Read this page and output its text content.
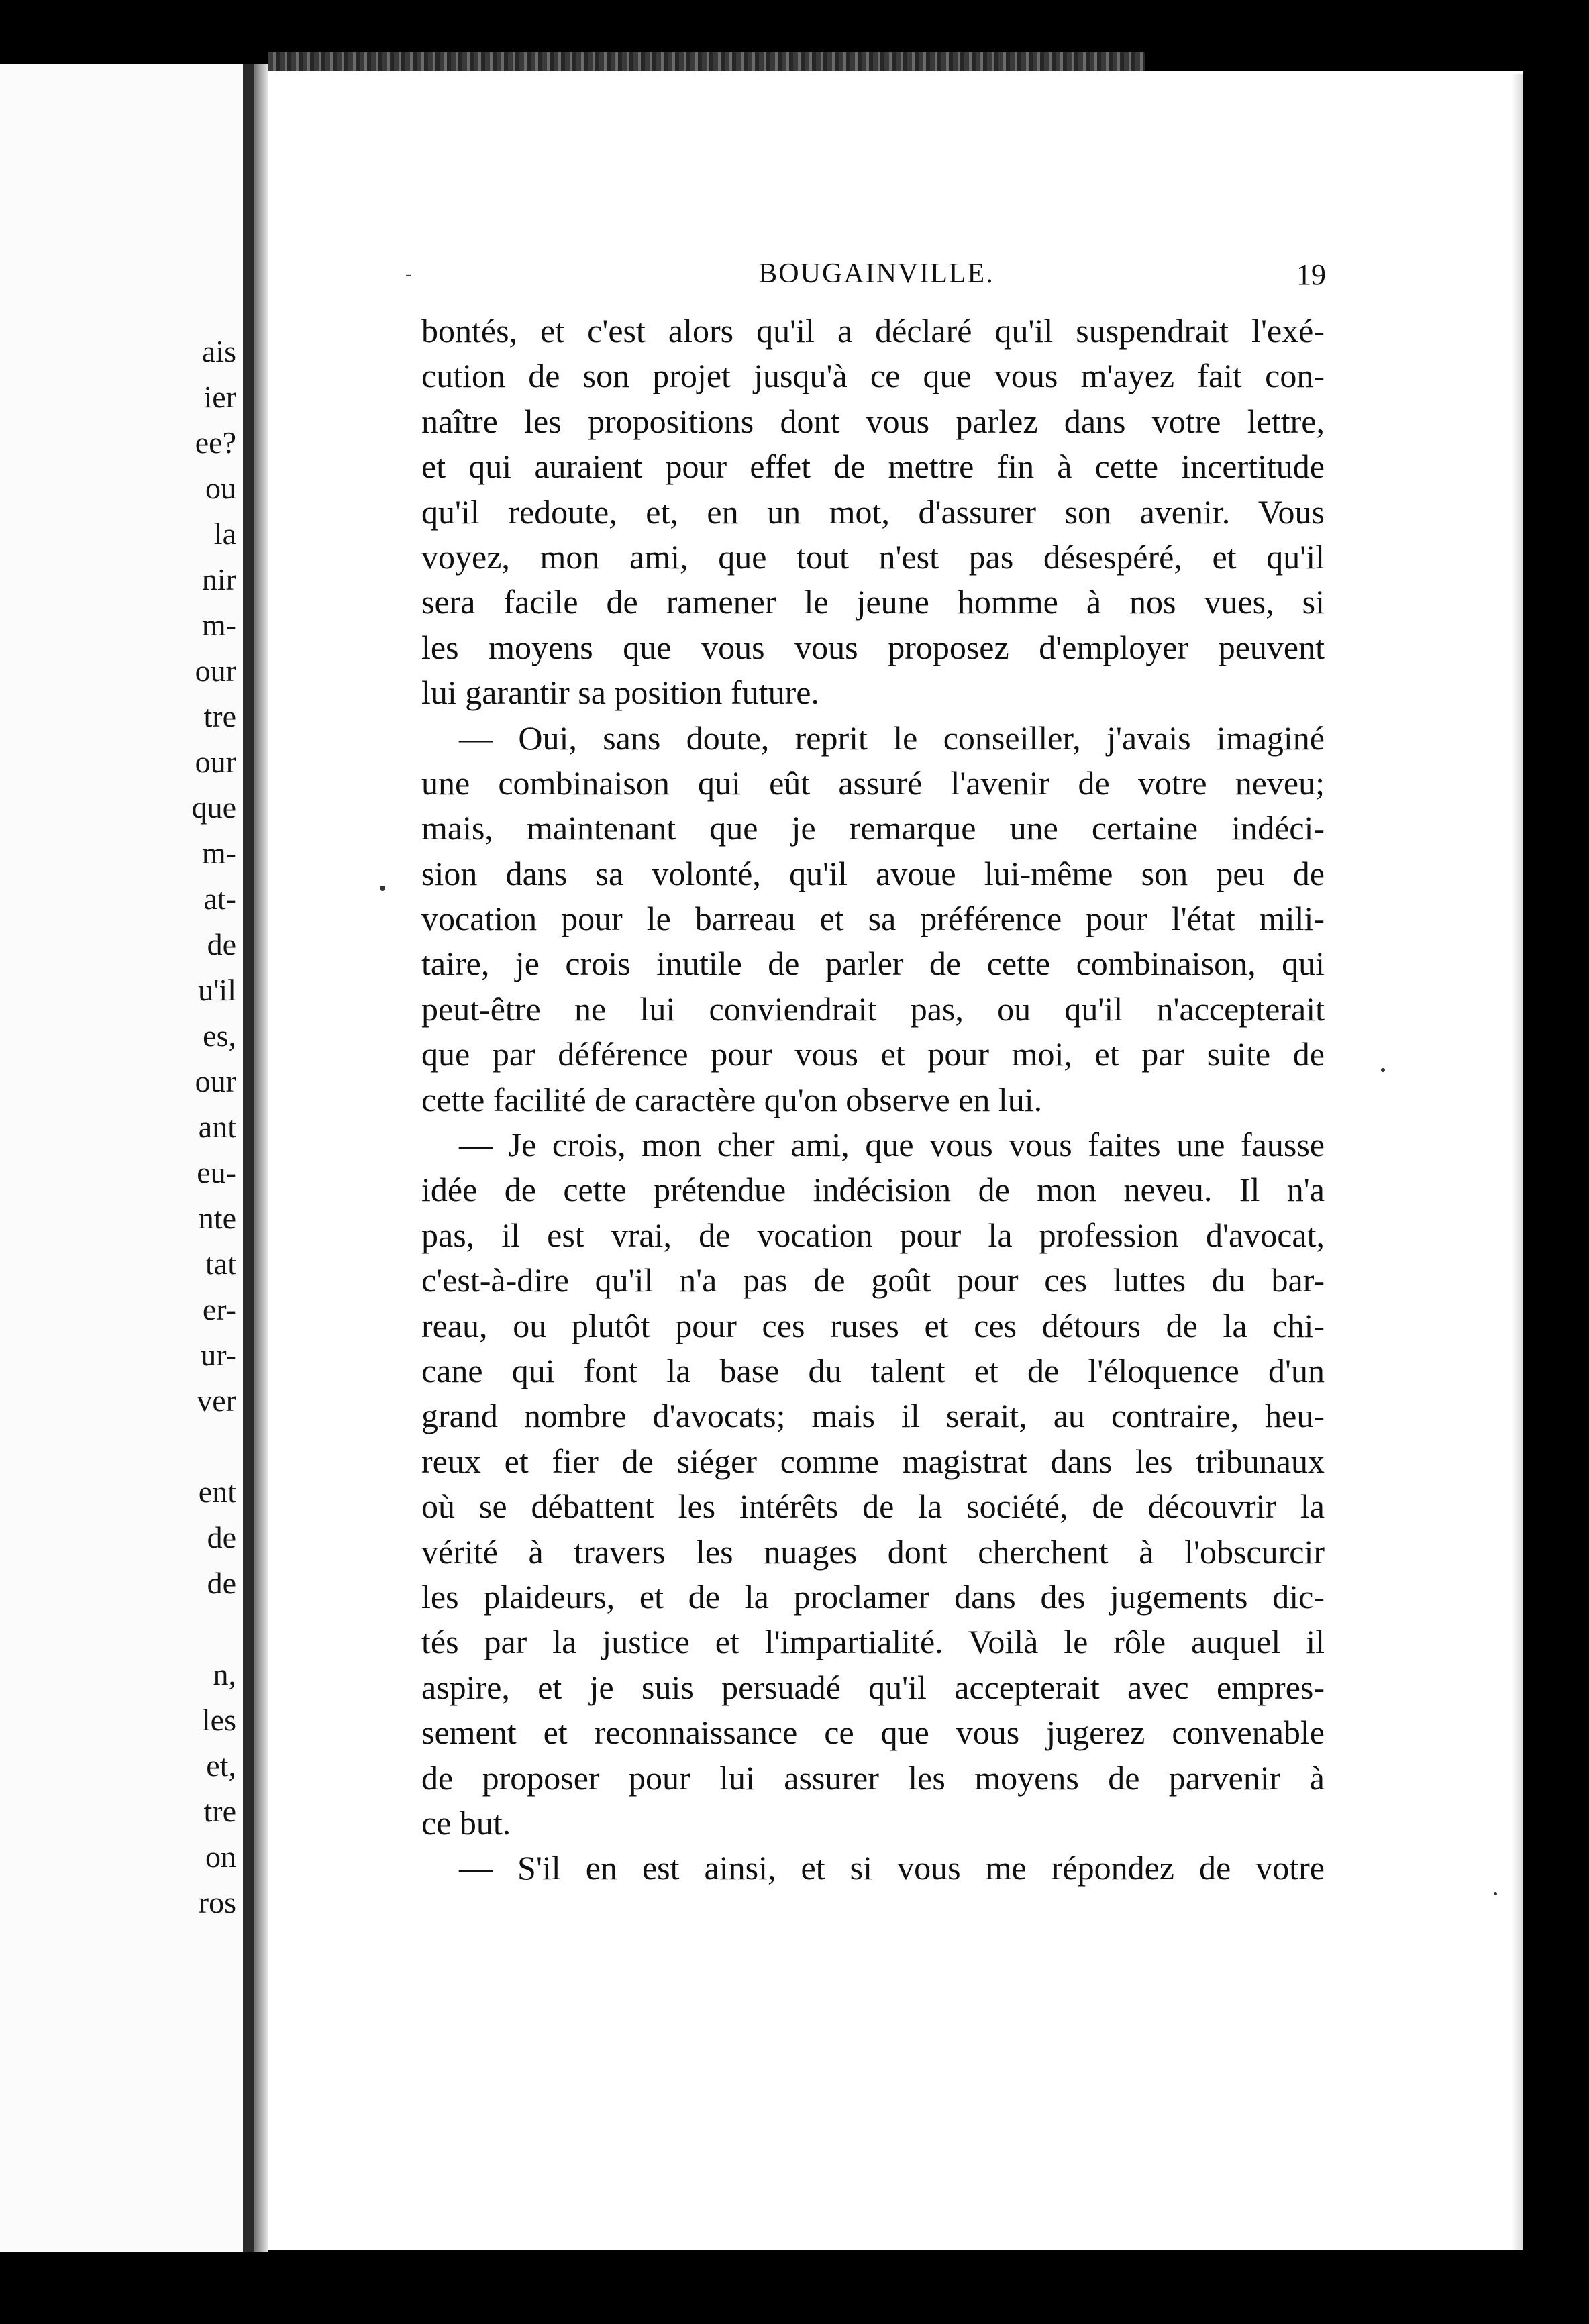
ais
ier
ee?
ou
la
nir
m-
our
tre
our
que
m-
at-
de
u'il
es,
our
ant
eu-
nte
tat
er-
ur-
ver
ent
de
de
n,
les
et,
tre
on
ros
‐	BOUGAINVILLE.	19
bontés, et c'est alors qu'il a déclaré qu'il suspendrait l'exé-
cution de son projet jusqu'à ce que vous m'ayez fait con-
naître les propositions dont vous parlez dans votre lettre,
et qui auraient pour effet de mettre fin à cette incertitude
qu'il redoute, et, en un mot, d'assurer son avenir. Vous
voyez, mon ami, que tout n'est pas désespéré, et qu'il
sera facile de ramener le jeune homme à nos vues, si
les moyens que vous vous proposez d'employer peuvent
lui garantir sa position future.
— Oui, sans doute, reprit le conseiller, j'avais imaginé
une combinaison qui eût assuré l'avenir de votre neveu;
mais, maintenant que je remarque une certaine indéci-
sion dans sa volonté, qu'il avoue lui-même son peu de
vocation pour le barreau et sa préférence pour l'état mili-
taire, je crois inutile de parler de cette combinaison, qui
peut-être ne lui conviendrait pas, ou qu'il n'accepterait
que par déférence pour vous et pour moi, et par suite de
cette facilité de caractère qu'on observe en lui.
— Je crois, mon cher ami, que vous vous faites une fausse
idée de cette prétendue indécision de mon neveu. Il n'a
pas, il est vrai, de vocation pour la profession d'avocat,
c'est-à-dire qu'il n'a pas de goût pour ces luttes du bar-
reau, ou plutôt pour ces ruses et ces détours de la chi-
cane qui font la base du talent et de l'éloquence d'un
grand nombre d'avocats; mais il serait, au contraire, heu-
reux et fier de siéger comme magistrat dans les tribunaux
où se débattent les intérêts de la société, de découvrir la
vérité à travers les nuages dont cherchent à l'obscurcir
les plaideurs, et de la proclamer dans des jugements dic-
tés par la justice et l'impartialité. Voilà le rôle auquel il
aspire, et je suis persuadé qu'il accepterait avec empres-
sement et reconnaissance ce que vous jugerez convenable
de proposer pour lui assurer les moyens de parvenir à
ce but.
— S'il en est ainsi, et si vous me répondez de votre
